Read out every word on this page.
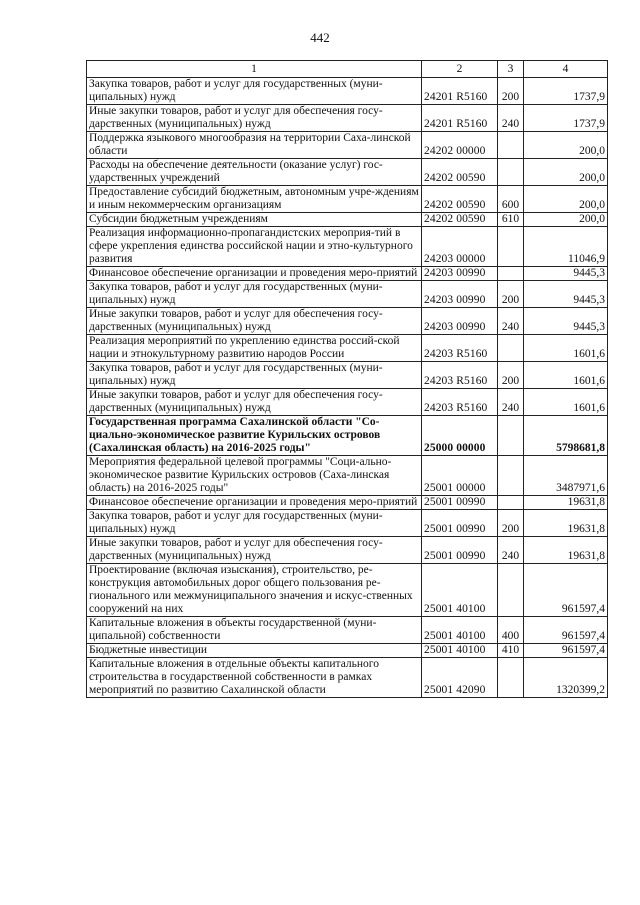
442
1	2	3	4
Закупка товаров, работ и услуг для государственных (муни-ципальных) нужд	24201 R5160	200	1737,9
Иные закупки товаров, работ и услуг для обеспечения госу-дарственных (муниципальных) нужд	24201 R5160	240	1737,9
Поддержка языкового многообразия на территории Саха-линской области	24202 00000		200,0
Расходы на обеспечение деятельности (оказание услуг) гос-ударственных учреждений	24202 00590		200,0
Предоставление субсидий бюджетным, автономным учре-ждениям и иным некоммерческим организациям	24202 00590	600	200,0
Субсидии бюджетным учреждениям	24202 00590	610	200,0
Реализация информационно-пропагандистских мероприя-тий в сфере укрепления единства российской нации и этно-культурного развития	24203 00000		11046,9
Финансовое обеспечение организации и проведения меро-приятий	24203 00990		9445,3
Закупка товаров, работ и услуг для государственных (муни-ципальных) нужд	24203 00990	200	9445,3
Иные закупки товаров, работ и услуг для обеспечения госу-дарственных (муниципальных) нужд	24203 00990	240	9445,3
Реализация мероприятий по укреплению единства россий-ской нации и этнокультурному развитию народов России	24203 R5160		1601,6
Закупка товаров, работ и услуг для государственных (муни-ципальных) нужд	24203 R5160	200	1601,6
Иные закупки товаров, работ и услуг для обеспечения госу-дарственных (муниципальных) нужд	24203 R5160	240	1601,6
Государственная программа Сахалинской области "Со-циально-экономическое развитие Курильских островов (Сахалинская область) на 2016-2025 годы"	25000 00000		5798681,8
Мероприятия федеральной целевой программы "Соци-ально-экономическое развитие Курильских островов (Саха-линская область) на 2016-2025 годы"	25001 00000		3487971,6
Финансовое обеспечение организации и проведения меро-приятий	25001 00990		19631,8
Закупка товаров, работ и услуг для государственных (муни-ципальных) нужд	25001 00990	200	19631,8
Иные закупки товаров, работ и услуг для обеспечения госу-дарственных (муниципальных) нужд	25001 00990	240	19631,8
Проектирование (включая изыскания), строительство, ре-конструкция автомобильных дорог общего пользования ре-гионального или межмуниципального значения и искус-ственных сооружений на них	25001 40100		961597,4
Капитальные вложения в объекты государственной (муни-ципальной) собственности	25001 40100	400	961597,4
Бюджетные инвестиции	25001 40100	410	961597,4
Капитальные вложения в отдельные объекты капитального строительства в государственной собственности в рамках мероприятий по развитию Сахалинской области	25001 42090		1320399,2
